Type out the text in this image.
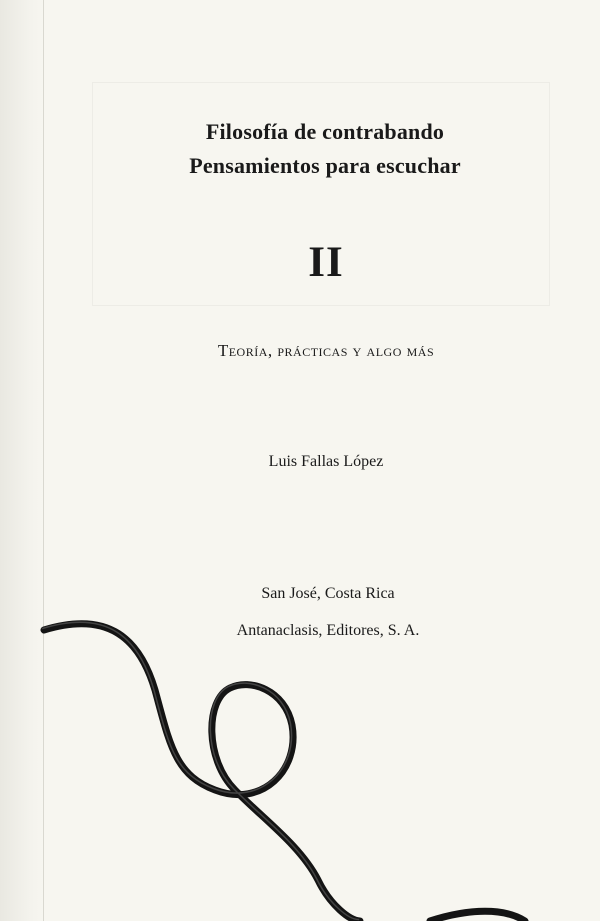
Filosofía de contrabando
Pensamientos para escuchar
II
Teoría, prácticas y algo más
Luis Fallas López
San José, Costa Rica
Antanaclasis, Editores, S. A.
